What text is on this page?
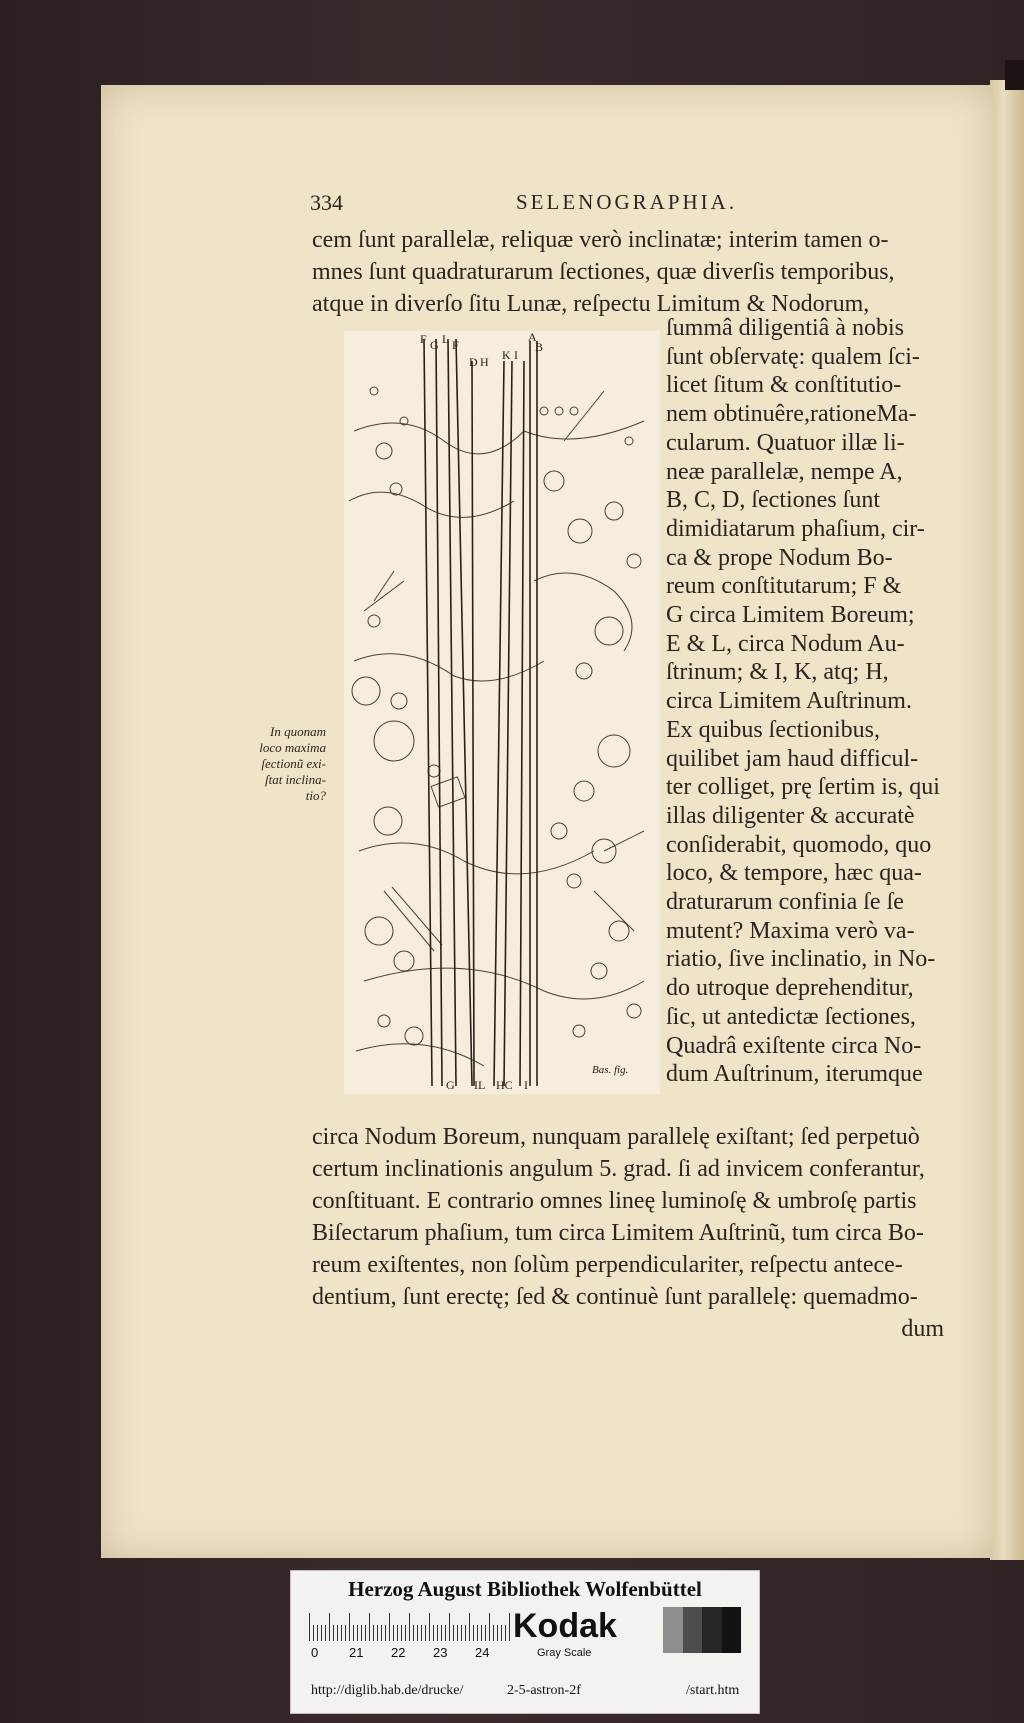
334	SELENOGRAPHIA.
cem ſunt parallelæ, reliquæ verò inclinatæ; interim tamen o-
mnes ſunt quadraturarum ſectiones, quæ diverſis temporibus,
atque in diverſo ſitu Lunæ, reſpectu Limitum & Nodorum,
ſummâ diligentiâ à nobis
ſunt obſervatę: qualem ſci-
licet ſitum & conſtitutio-
nem obtinuêre,rationeMa-
cularum. Quatuor illæ li-
neæ parallelæ, nempe A,
B, C, D, ſectiones ſunt
dimidiatarum phaſium, cir-
ca & prope Nodum Bo-
reum conſtitutarum; F &
G circa Limitem Boreum;
E & L, circa Nodum Au-
ſtrinum; & I, K, atq; H,
circa Limitem Auſtrinum.
Ex quibus ſectionibus,
quilibet jam haud difficul-
ter colliget, prę ſertim is, qui
illas diligenter & accuratè
conſiderabit, quomodo, quo
loco, & tempore, hæc qua-
draturarum confinia ſe ſe
mutent? Maxima verò va-
riatio, ſive inclinatio, in No-
do utroque deprehenditur,
ſic, ut antedictæ ſectiones,
Quadrâ exiſtente circa No-
dum Auſtrinum, iterumque
circa Nodum Boreum, nunquam parallelę exiſtant; ſed perpetuò
certum inclinationis angulum 5. grad. ſi ad invicem conferantur,
conſtituant. E contrario omnes lineę luminoſę & umbroſę partis
Biſectarum phaſium, tum circa Limitem Auſtrinũ, tum circa Bo-
reum exiſtentes, non ſolùm perpendiculariter, reſpectu antece-
dentium, ſunt erectę; ſed & continuè ſunt parallelę: quemadmo-
In quonam
loco maxima
ſectionũ exi-
ſtat inclina-
tio?
dum
F G L F
D H K I
A
B
G IL HC I
Bas. fig.
Herzog August Bibliothek Wolfenbüttel
0 21 22 23 24
Kodak
Gray Scale
http://diglib.hab.de/drucke/	2-5-astron-2f	/start.htm
